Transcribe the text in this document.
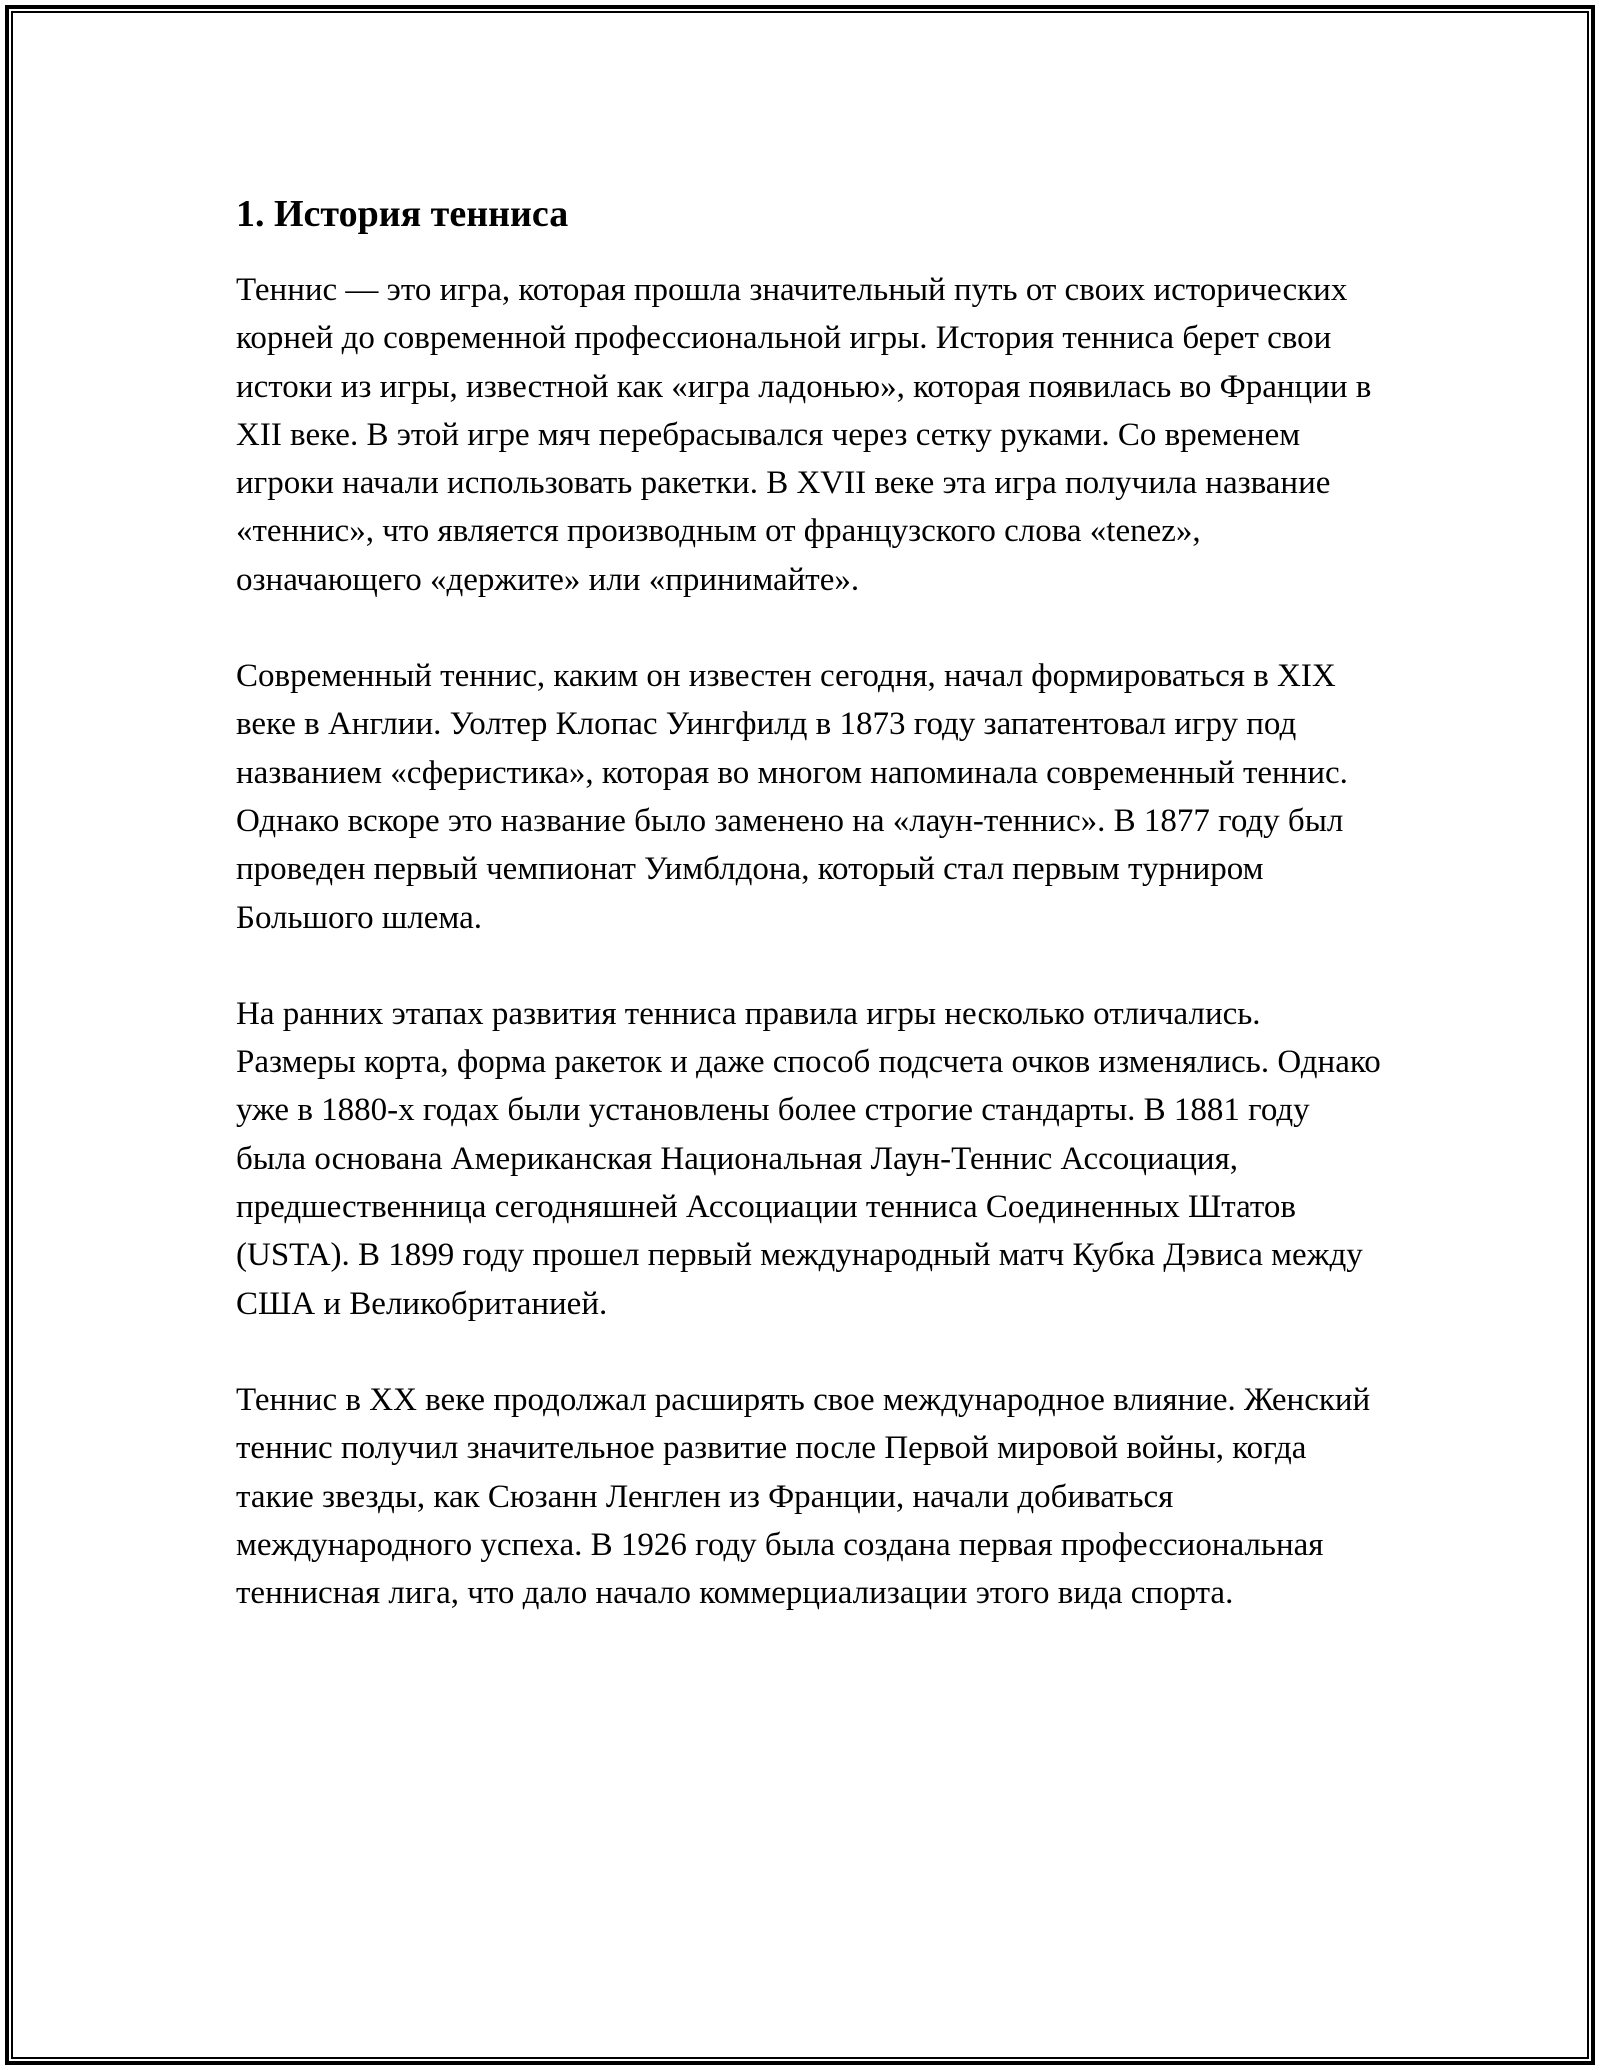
1. История тенниса

Теннис — это игра, которая прошла значительный путь от своих исторических корней до современной профессиональной игры. История тенниса берет свои истоки из игры, известной как «игра ладонью», которая появилась во Франции в XII веке. В этой игре мяч перебрасывался через сетку руками. Со временем игроки начали использовать ракетки. В XVII веке эта игра получила название «теннис», что является производным от французского слова «tenez», означающего «держите» или «принимайте».

Современный теннис, каким он известен сегодня, начал формироваться в XIX веке в Англии. Уолтер Клопас Уингфилд в 1873 году запатентовал игру под названием «сферистика», которая во многом напоминала современный теннис. Однако вскоре это название было заменено на «лаун-теннис». В 1877 году был проведен первый чемпионат Уимблдона, который стал первым турниром Большого шлема.

На ранних этапах развития тенниса правила игры несколько отличались. Размеры корта, форма ракеток и даже способ подсчета очков изменялись. Однако уже в 1880-х годах были установлены более строгие стандарты. В 1881 году была основана Американская Национальная Лаун-Теннис Ассоциация, предшественница сегодняшней Ассоциации тенниса Соединенных Штатов (USTA). В 1899 году прошел первый международный матч Кубка Дэвиса между США и Великобританией.

Теннис в XX веке продолжал расширять свое международное влияние. Женский теннис получил значительное развитие после Первой мировой войны, когда такие звезды, как Сюзанн Ленглен из Франции, начали добиваться международного успеха. В 1926 году была создана первая профессиональная теннисная лига, что дало начало коммерциализации этого вида спорта.
